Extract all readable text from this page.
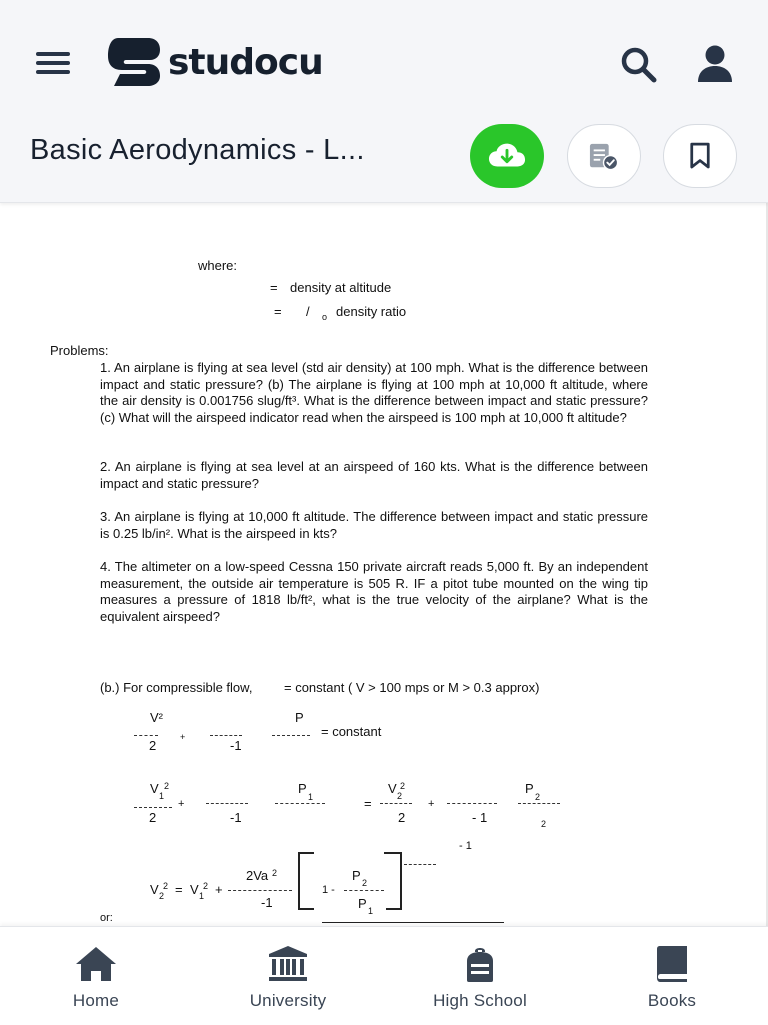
studocu
Basic Aerodynamics - L...
where:
= density at altitude
= / o density ratio
Problems:
1. An airplane is flying at sea level (std air density) at 100 mph. What is the difference between impact and static pressure? (b) The airplane is flying at 100 mph at 10,000 ft altitude, where the air density is 0.001756 slug/ft³. What is the difference between impact and static pressure? (c) What will the airspeed indicator read when the airspeed is 100 mph at 10,000 ft altitude?
2. An airplane is flying at sea level at an airspeed of 160 kts. What is the difference between impact and static pressure?
3. An airplane is flying at 10,000 ft altitude. The difference between impact and static pressure is 0.25 lb/in². What is the airspeed in kts?
4. The altimeter on a low-speed Cessna 150 private aircraft reads 5,000 ft. By an independent measurement, the outside air temperature is 505 R. IF a pitot tube mounted on the wing tip measures a pressure of 1818 lb/ft², what is the true velocity of the airplane? What is the equivalent airspeed?
(b.) For compressible flow, = constant ( V > 100 mps or M > 0.3 approx)
V²
2
+
-1
P
= constant
V 1
2
2
+
-1
P
1	=
V 2
2
2
+
- 1
P
2
2
- 1
2Va 2
V 2
2 = V 1
2 +
-1
1 -
P 2
P 1
or:
Home	University	High School	Books
